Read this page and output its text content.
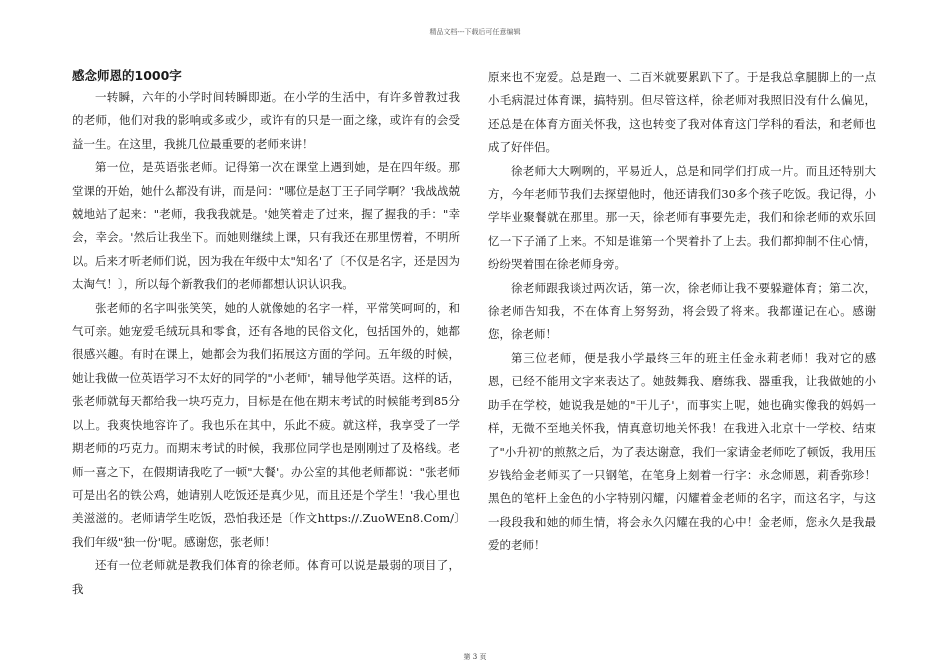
精品文档---下载后可任意编辑
感念师恩的1000字

一转瞬，六年的小学时间转瞬即逝。在小学的生活中，有许多曾教过我的老师，他们对我的影响或多或少，或许有的只是一面之缘，或许有的会受益一生。在这里，我挑几位最重要的老师来讲！

第一位，是英语张老师。记得第一次在课堂上遇到她，是在四年级。那堂课的开始，她什么都没有讲，而是问："哪位是赵丁王子同学啊？'我战战兢兢地站了起来："老师，我我我就是。'她笑着走了过来，握了握我的手："幸会，幸会。'然后让我坐下。而她则继续上课，只有我还在那里愣着，不明所以。后来才听老师们说，因为我在年级中太"知名'了〔不仅是名字，还是因为太淘气！〕，所以每个新教我们的老师都想认识认识我。

张老师的名字叫张笑笑，她的人就像她的名字一样，平常笑呵呵的，和气可亲。她宠爱毛绒玩具和零食，还有各地的民俗文化，包括国外的，她都很感兴趣。有时在课上，她都会为我们拓展这方面的学问。五年级的时候，她让我做一位英语学习不太好的同学的"小老师'，辅导他学英语。这样的话，张老师就每天都给我一块巧克力，目标是在他在期末考试的时候能考到85分以上。我爽快地容许了。我也乐在其中，乐此不疲。就这样，我享受了一学期老师的巧克力。而期末考试的时候，我那位同学也是刚刚过了及格线。老师一喜之下，在假期请我吃了一顿"大餐'。办公室的其他老师都说："张老师可是出名的铁公鸡，她请别人吃饭还是真少见，而且还是个学生！'我心里也美滋滋的。老师请学生吃饭，恐怕我还是〔作文https://.ZuoWEn8.Com/〕我们年级"独一份'呢。感谢您，张老师！

还有一位老师就是教我们体育的徐老师。体育可以说是最弱的项目了，我

原来也不宠爱。总是跑一、二百米就要累趴下了。于是我总拿腿脚上的一点小毛病混过体育课，搞特别。但尽管这样，徐老师对我照旧没有什么偏见，还总是在体育方面关怀我，这也转变了我对体育这门学科的看法，和老师也成了好伴侣。

徐老师大大咧咧的，平易近人，总是和同学们打成一片。而且还特别大方，今年老师节我们去探望他时，他还请我们30多个孩子吃饭。我记得，小学毕业聚餐就在那里。那一天，徐老师有事要先走，我们和徐老师的欢乐回忆一下子涌了上来。不知是谁第一个哭着扑了上去。我们都抑制不住心情，纷纷哭着围在徐老师身旁。

徐老师跟我谈过两次话，第一次，徐老师让我不要躲避体育；第二次，徐老师告知我，不在体育上努努劲，将会毁了将来。我都谨记在心。感谢您，徐老师！

第三位老师，便是我小学最终三年的班主任金永莉老师！我对它的感恩，已经不能用文字来表达了。她鼓舞我、磨练我、器重我，让我做她的小助手在学校，她说我是她的"干儿子'，而事实上呢，她也确实像我的妈妈一样，无微不至地关怀我，情真意切地关怀我！在我进入北京十一学校、结束了"小升初'的煎熬之后，为了表达谢意，我们一家请金老师吃了顿饭，我用压岁钱给金老师买了一只钢笔，在笔身上刻着一行字：永念师恩，莉香弥珍！黑色的笔杆上金色的小字特别闪耀，闪耀着金老师的名字，而这名字，与这一段段我和她的师生情，将会永久闪耀在我的心中！金老师，您永久是我最爱的老师！

第 3 页
